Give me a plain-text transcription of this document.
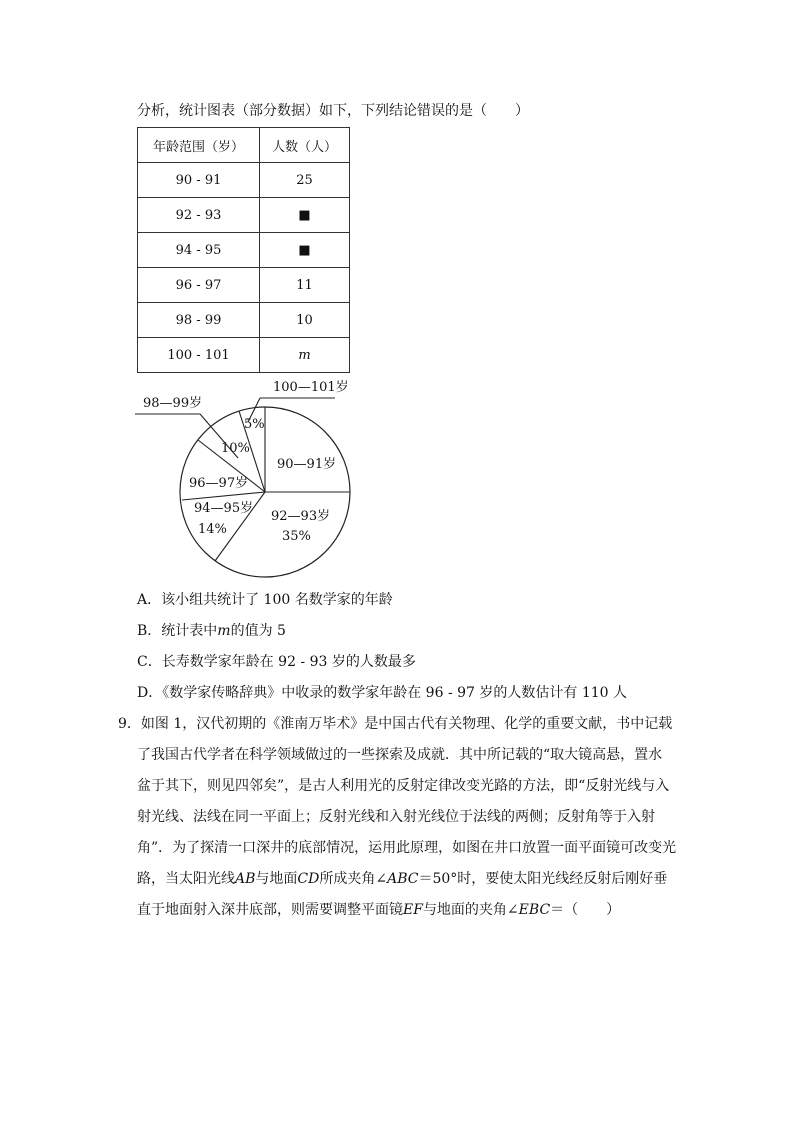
分析，统计图表（部分数据）如下，下列结论错误的是（　　）
年龄范围（岁）	人数（人）
90 - 91	25
92 - 93	■
94 - 95	■
96 - 97	11
98 - 99	10
100 - 101	m
100—101岁
98—99岁
5%
10%
90—91岁
96—97岁
94—95岁
14%
92—93岁
35%
A．该小组共统计了 100 名数学家的年龄
B．统计表中m的值为 5
C．长寿数学家年龄在 92 - 93 岁的人数最多
D．《数学家传略辞典》中收录的数学家年龄在 96 - 97 岁的人数估计有 110 人
9．如图 1，汉代初期的《淮南万毕术》是中国古代有关物理、化学的重要文献，书中记载
了我国古代学者在科学领域做过的一些探索及成就．其中所记载的“取大镜高悬，置水
盆于其下，则见四邻矣”，是古人利用光的反射定律改变光路的方法，即“反射光线与入
射光线、法线在同一平面上；反射光线和入射光线位于法线的两侧；反射角等于入射
角”．为了探清一口深井的底部情况，运用此原理，如图在井口放置一面平面镜可改变光
路，当太阳光线AB与地面CD所成夹角∠ABC＝50°时，要使太阳光线经反射后刚好垂
直于地面射入深井底部，则需要调整平面镜EF与地面的夹角∠EBC＝（　　）
